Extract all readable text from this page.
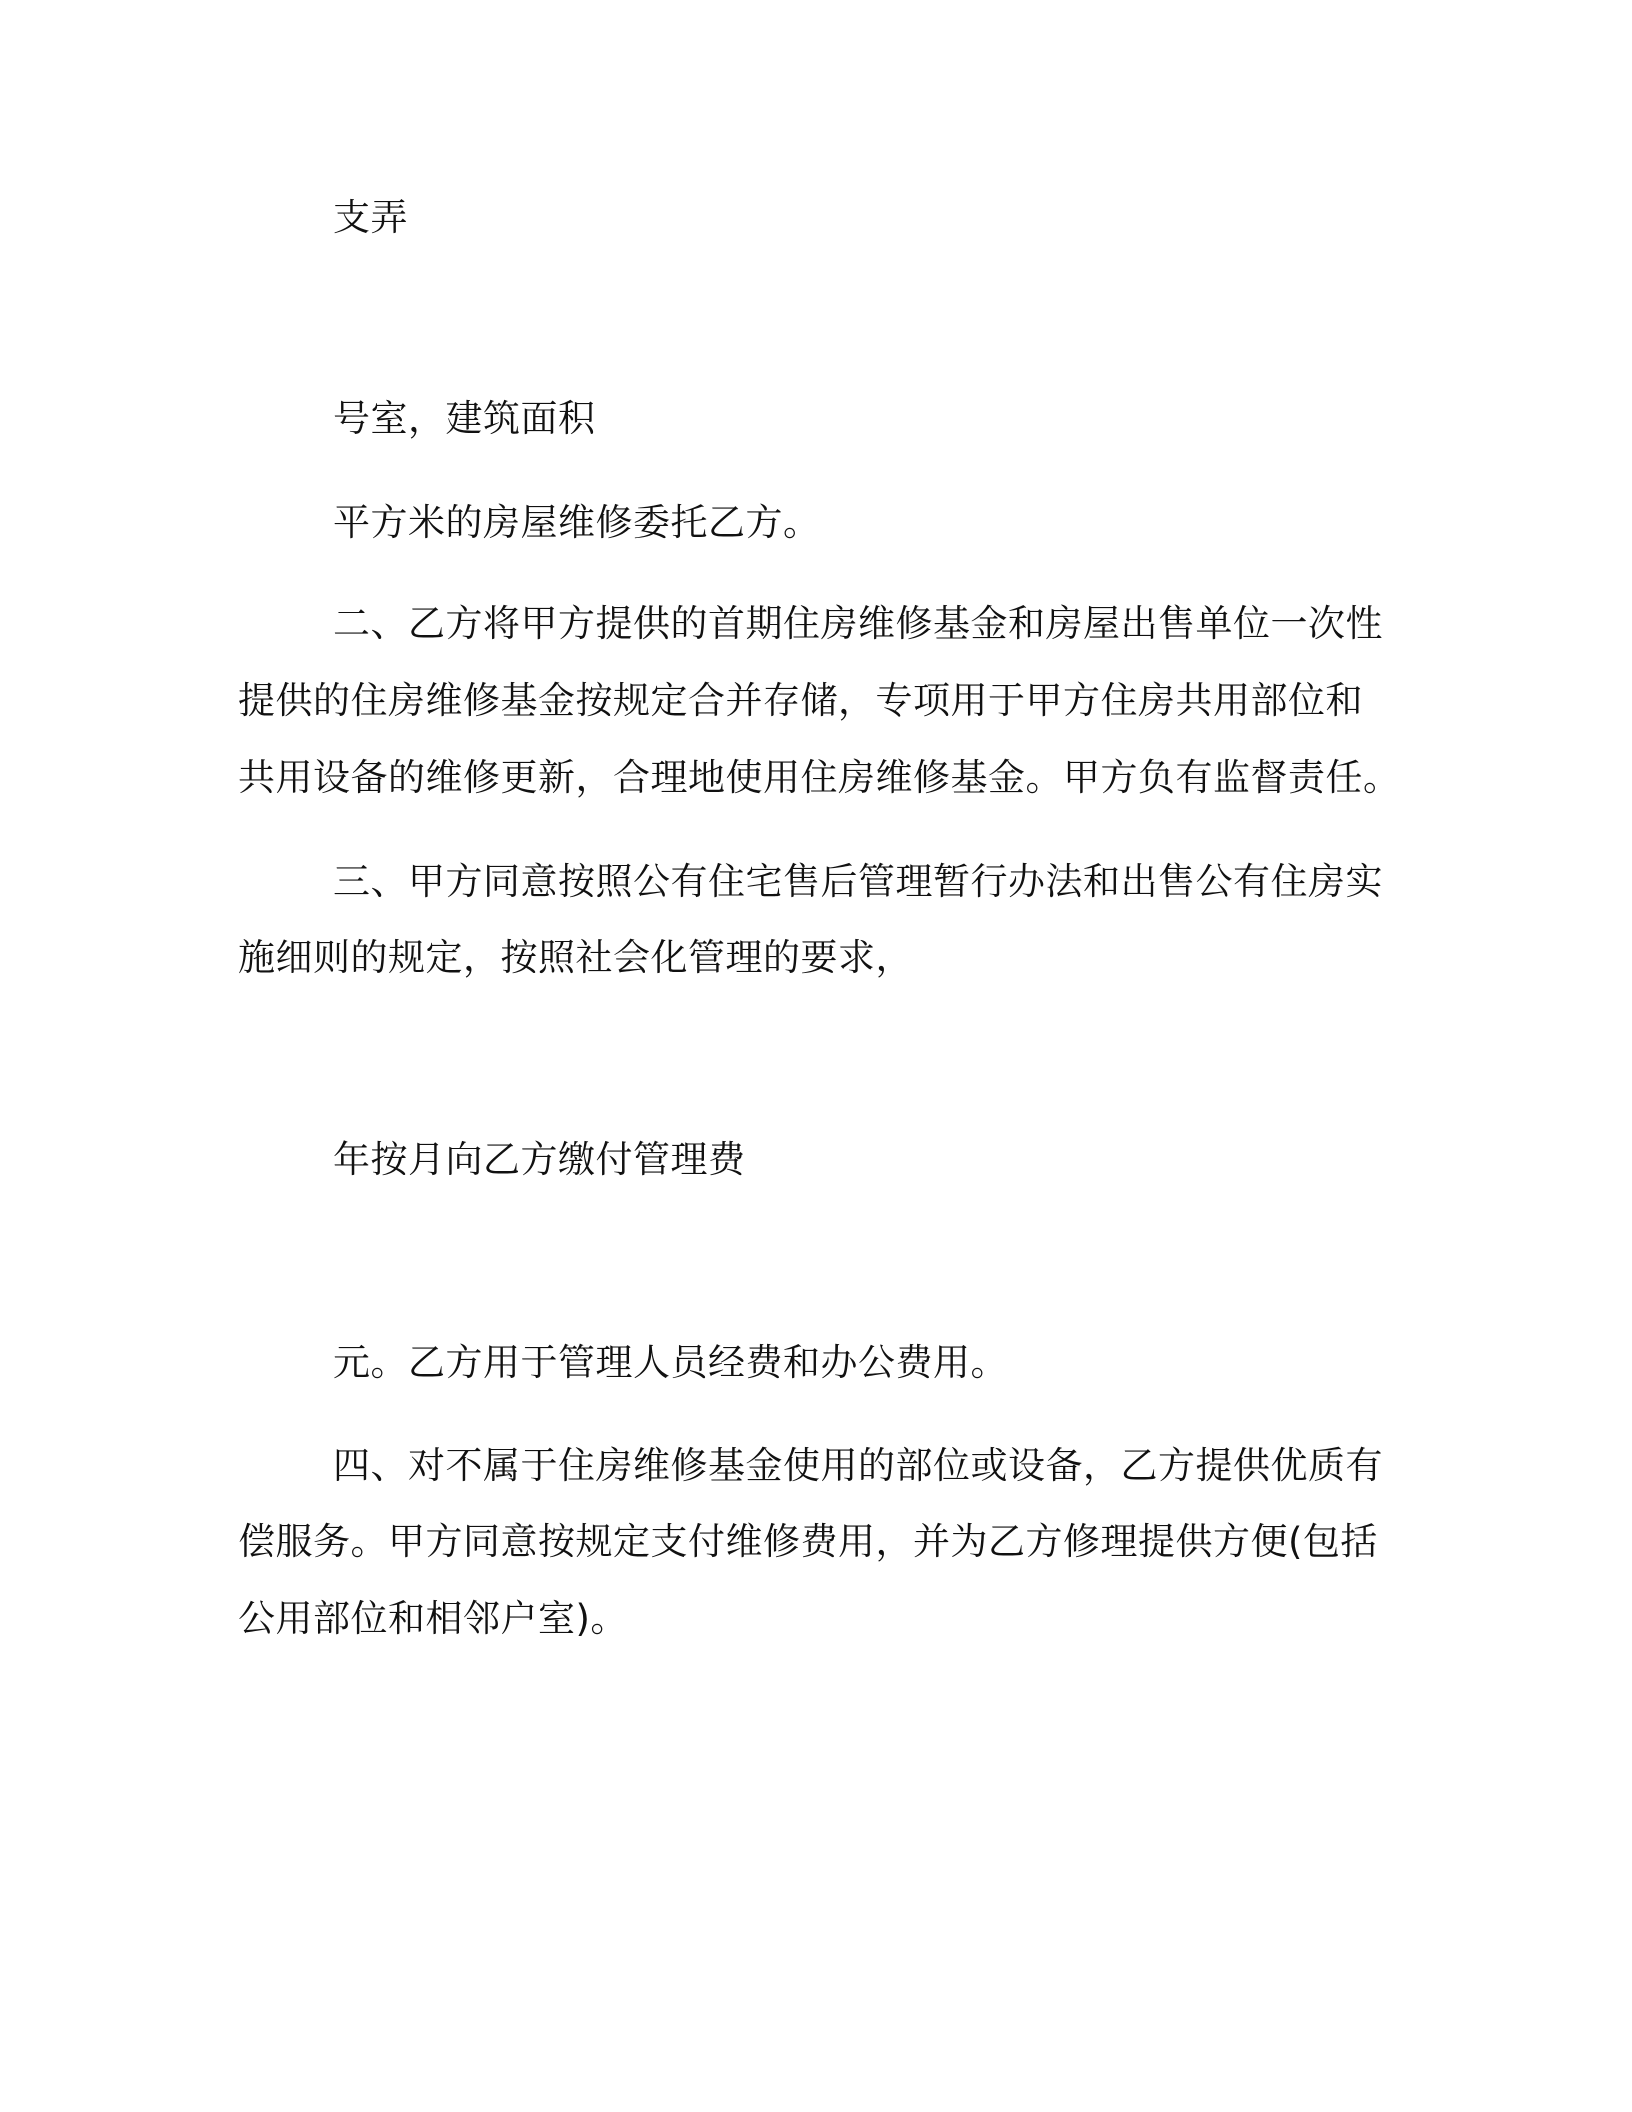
支弄
号室，建筑面积
平方米的房屋维修委托乙方。
二、乙方将甲方提供的首期住房维修基金和房屋出售单位一次性
提供的住房维修基金按规定合并存储，专项用于甲方住房共用部位和
共用设备的维修更新，合理地使用住房维修基金。甲方负有监督责任。
三、甲方同意按照公有住宅售后管理暂行办法和出售公有住房实
施细则的规定，按照社会化管理的要求，
年按月向乙方缴付管理费
元。乙方用于管理人员经费和办公费用。
四、对不属于住房维修基金使用的部位或设备，乙方提供优质有
偿服务。甲方同意按规定支付维修费用，并为乙方修理提供方便(包括
公用部位和相邻户室)。
